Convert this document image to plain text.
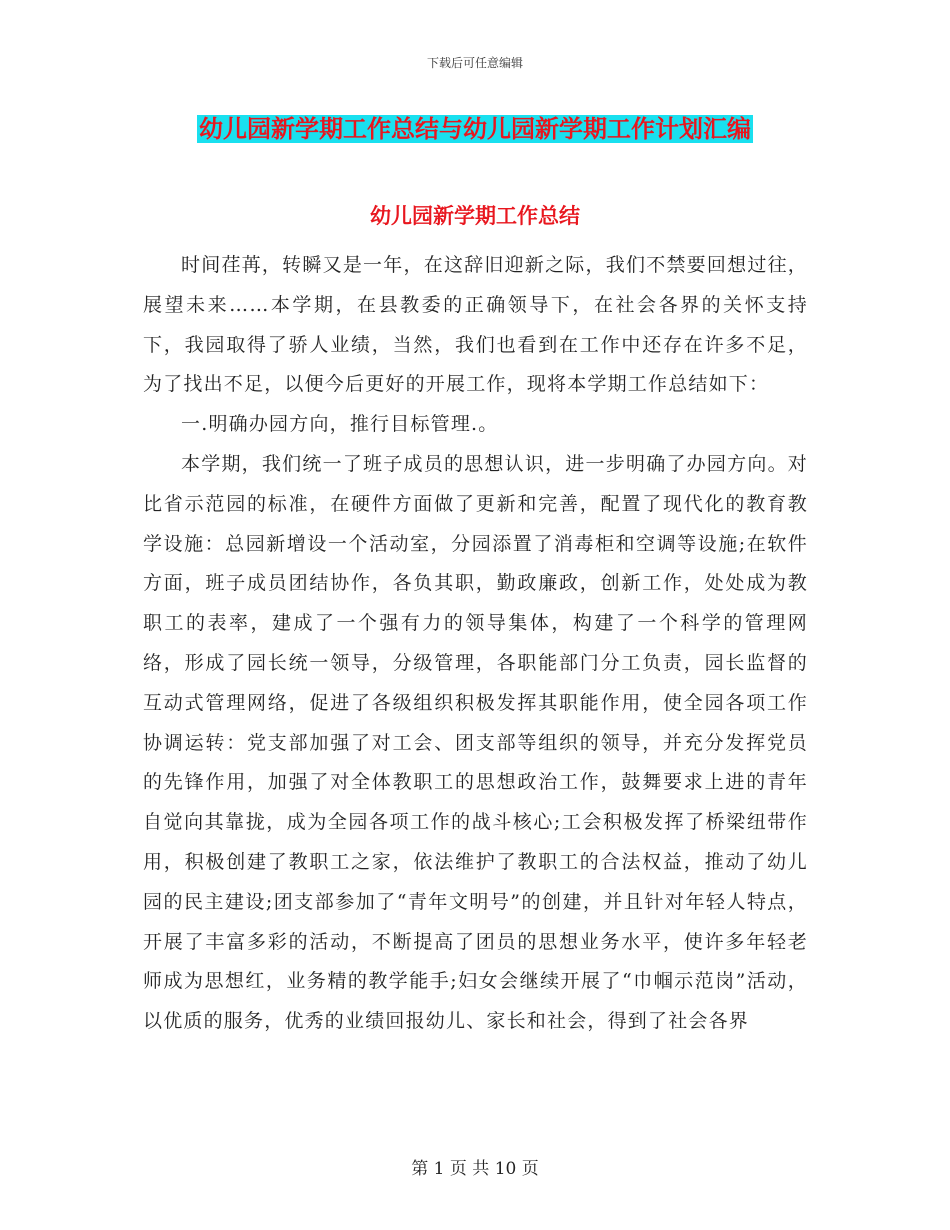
下载后可任意编辑
幼儿园新学期工作总结与幼儿园新学期工作计划汇编
幼儿园新学期工作总结

时间荏苒，转瞬又是一年，在这辞旧迎新之际，我们不禁要回想过往，展望未来……本学期，在县教委的正确领导下，在社会各界的关怀支持下，我园取得了骄人业绩，当然，我们也看到在工作中还存在许多不足，为了找出不足，以便今后更好的开展工作，现将本学期工作总结如下：

一.明确办园方向，推行目标管理.。

本学期，我们统一了班子成员的思想认识，进一步明确了办园方向。对比省示范园的标准，在硬件方面做了更新和完善，配置了现代化的教育教学设施：总园新增设一个活动室，分园添置了消毒柜和空调等设施;在软件方面，班子成员团结协作，各负其职，勤政廉政，创新工作，处处成为教职工的表率，建成了一个强有力的领导集体，构建了一个科学的管理网络，形成了园长统一领导，分级管理，各职能部门分工负责，园长监督的互动式管理网络，促进了各级组织积极发挥其职能作用，使全园各项工作协调运转：党支部加强了对工会、团支部等组织的领导，并充分发挥党员的先锋作用，加强了对全体教职工的思想政治工作，鼓舞要求上进的青年自觉向其靠拢，成为全园各项工作的战斗核心;工会积极发挥了桥梁纽带作用，积极创建了教职工之家，依法维护了教职工的合法权益，推动了幼儿园的民主建设;团支部参加了“青年文明号”的创建，并且针对年轻人特点，开展了丰富多彩的活动，不断提高了团员的思想业务水平，使许多年轻老师成为思想红，业务精的教学能手;妇女会继续开展了“巾帼示范岗”活动，以优质的服务，优秀的业绩回报幼儿、家长和社会，得到了社会各界

第 1 页 共 10 页
